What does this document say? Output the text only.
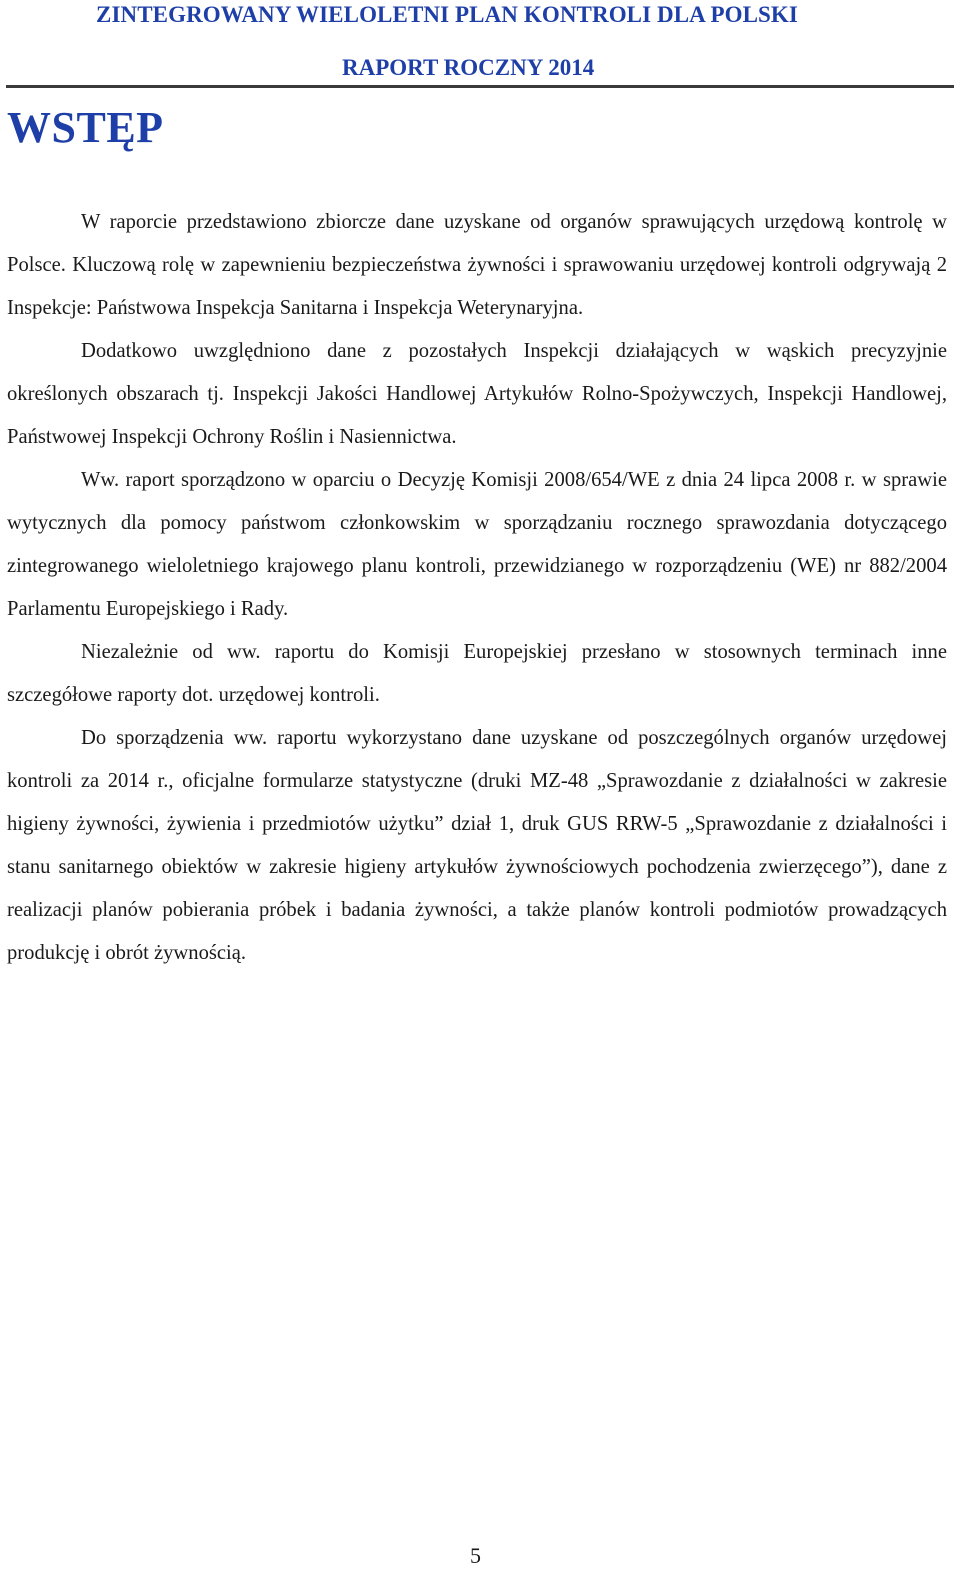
ZINTEGROWANY WIELOLETNI PLAN KONTROLI DLA POLSKI
RAPORT ROCZNY 2014
WSTĘP

W raporcie przedstawiono zbiorcze dane uzyskane od organów sprawujących urzędową kontrolę w Polsce. Kluczową rolę w zapewnieniu bezpieczeństwa żywności i sprawowaniu urzędowej kontroli odgrywają 2 Inspekcje: Państwowa Inspekcja Sanitarna i Inspekcja Weterynaryjna.

Dodatkowo uwzględniono dane z pozostałych Inspekcji działających w wąskich precyzyjnie określonych obszarach tj. Inspekcji Jakości Handlowej Artykułów Rolno-Spożywczych, Inspekcji Handlowej, Państwowej Inspekcji Ochrony Roślin i Nasiennictwa.

Ww. raport sporządzono w oparciu o Decyzję Komisji 2008/654/WE z dnia 24 lipca 2008 r. w sprawie wytycznych dla pomocy państwom członkowskim w sporządzaniu rocznego sprawozdania dotyczącego zintegrowanego wieloletniego krajowego planu kontroli, przewidzianego w rozporządzeniu (WE) nr 882/2004 Parlamentu Europejskiego i Rady.

Niezależnie od ww. raportu do Komisji Europejskiej przesłano w stosownych terminach inne szczegółowe raporty dot. urzędowej kontroli.

Do sporządzenia ww. raportu wykorzystano dane uzyskane od poszczególnych organów urzędowej kontroli za 2014 r., oficjalne formularze statystyczne (druki MZ-48 „Sprawozdanie z działalności w zakresie higieny żywności, żywienia i przedmiotów użytku” dział 1, druk GUS RRW-5 „Sprawozdanie z działalności i stanu sanitarnego obiektów w zakresie higieny artykułów żywnościowych pochodzenia zwierzęcego”), dane z realizacji planów pobierania próbek i badania żywności, a także planów kontroli podmiotów prowadzących produkcję i obrót żywnością.

5
